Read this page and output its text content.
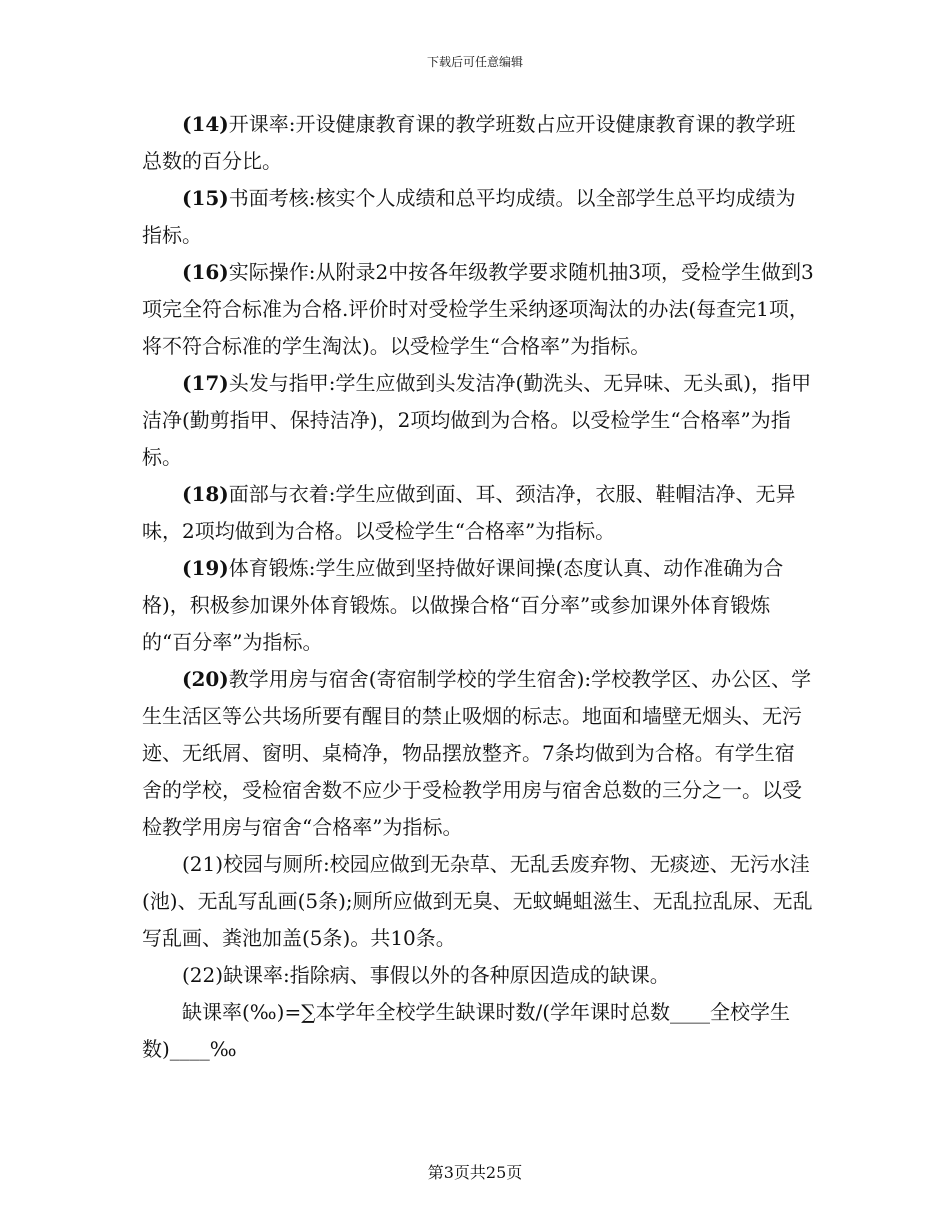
下载后可任意编辑

(14)开课率:开设健康教育课的教学班数占应开设健康教育课的教学班总数的百分比。

(15)书面考核:核实个人成绩和总平均成绩。以全部学生总平均成绩为指标。

(16)实际操作:从附录2中按各年级教学要求随机抽3项，受检学生做到3项完全符合标准为合格.评价时对受检学生采纳逐项淘汰的办法(每查完1项，将不符合标准的学生淘汰)。以受检学生“合格率”为指标。

(17)头发与指甲:学生应做到头发洁净(勤洗头、无异味、无头虱)，指甲洁净(勤剪指甲、保持洁净)，2项均做到为合格。以受检学生“合格率”为指标。

(18)面部与衣着:学生应做到面、耳、颈洁净，衣服、鞋帽洁净、无异味，2项均做到为合格。以受检学生“合格率”为指标。

(19)体育锻炼:学生应做到坚持做好课间操(态度认真、动作准确为合格)，积极参加课外体育锻炼。以做操合格“百分率”或参加课外体育锻炼的“百分率”为指标。

(20)教学用房与宿舍(寄宿制学校的学生宿舍):学校教学区、办公区、学生生活区等公共场所要有醒目的禁止吸烟的标志。地面和墙壁无烟头、无污迹、无纸屑、窗明、桌椅净，物品摆放整齐。7条均做到为合格。有学生宿舍的学校，受检宿舍数不应少于受检教学用房与宿舍总数的三分之一。以受检教学用房与宿舍“合格率”为指标。

(21)校园与厕所:校园应做到无杂草、无乱丢废弃物、无痰迹、无污水洼(池)、无乱写乱画(5条);厕所应做到无臭、无蚊蝇蛆滋生、无乱拉乱尿、无乱写乱画、粪池加盖(5条)。共10条。

(22)缺课率:指除病、事假以外的各种原因造成的缺课。

缺课率(‰)=∑本学年全校学生缺课时数/(学年课时总数____全校学生数)____‰

第3页共25页
